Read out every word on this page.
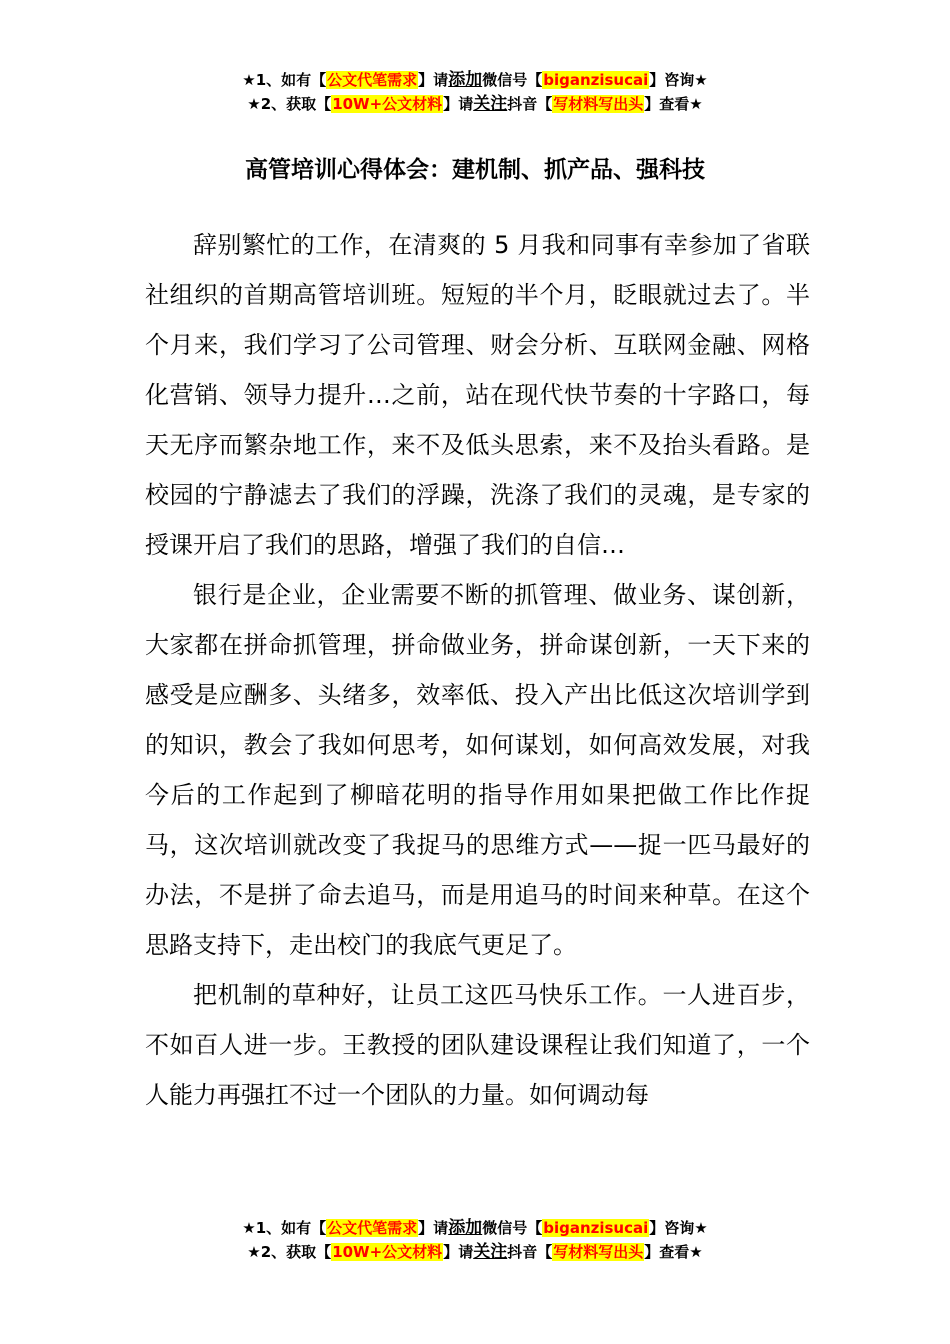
★1、如有【公文代笔需求】请添加微信号【biganzisucai】咨询★
★2、获取【10W+公文材料】请关注抖音【写材料写出头】查看★
高管培训心得体会：建机制、抓产品、强科技

辞别繁忙的工作，在清爽的 5 月我和同事有幸参加了省联社组织的首期高管培训班。短短的半个月，眨眼就过去了。半个月来，我们学习了公司管理、财会分析、互联网金融、网格化营销、领导力提升…之前，站在现代快节奏的十字路口，每天无序而繁杂地工作，来不及低头思索，来不及抬头看路。是校园的宁静滤去了我们的浮躁，洗涤了我们的灵魂，是专家的授课开启了我们的思路，增强了我们的自信…

银行是企业，企业需要不断的抓管理、做业务、谋创新，大家都在拼命抓管理，拼命做业务，拼命谋创新，一天下来的感受是应酬多、头绪多，效率低、投入产出比低这次培训学到的知识，教会了我如何思考，如何谋划，如何高效发展，对我今后的工作起到了柳暗花明的指导作用如果把做工作比作捉马，这次培训就改变了我捉马的思维方式——捉一匹马最好的办法，不是拼了命去追马，而是用追马的时间来种草。在这个思路支持下，走出校门的我底气更足了。

把机制的草种好，让员工这匹马快乐工作。一人进百步，不如百人进一步。王教授的团队建设课程让我们知道了，一个人能力再强扛不过一个团队的力量。如何调动每

★1、如有【公文代笔需求】请添加微信号【biganzisucai】咨询★
★2、获取【10W+公文材料】请关注抖音【写材料写出头】查看★
